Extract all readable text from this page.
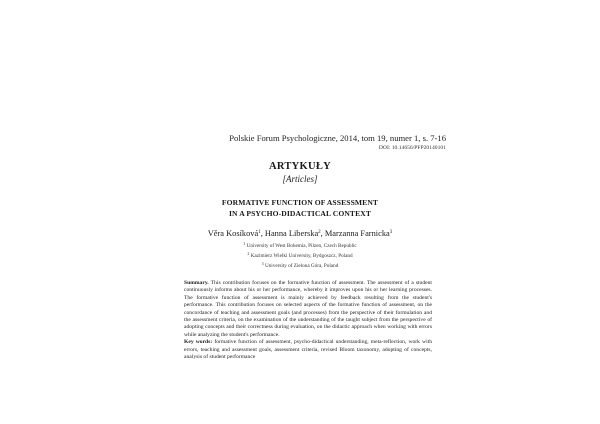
Polskie Forum Psychologiczne, 2014, tom 19, numer 1, s. 7-16
DOI: 10.14656/PFP20140101
ARTYKUŁY
[Articles]
FORMATIVE FUNCTION OF ASSESSMENT
IN A PSYCHO-DIDACTICAL CONTEXT
Věra Kosíková$^1$, Hanna Liberska$^2$, Marzanna Farnicka$^3$
$^1$ University of West Bohemia, Pilzen, Czech Republic
$^2$ Kazimierz Wielki University, Bydgoszcz, Poland
$^3$ University of Zielona Góra, Poland
Summary. This contribution focuses on the formative function of assessment. The assessment of a student continuously informs about his or her performance, whereby it improves upon his or her learning processes. The formative function of assessment is mainly achieved by feedback resulting from the student's performance. This contribution focuses on selected aspects of the formative function of assessment, on the concordance of teaching and assessment goals (and processes) from the perspective of their formulation and the assessment criteria, on the examination of the understanding of the taught subject from the perspective of adopting concepts and their correctness during evaluation, on the didactic approach when working with errors while analyzing the student's performance.
Key words: formative function of assessment, psycho-didactical understanding, meta-reflection, work with errors, teaching and assessment goals, assessment criteria, revised Bloom taxonomy, adopting of concepts, analysis of student performance
